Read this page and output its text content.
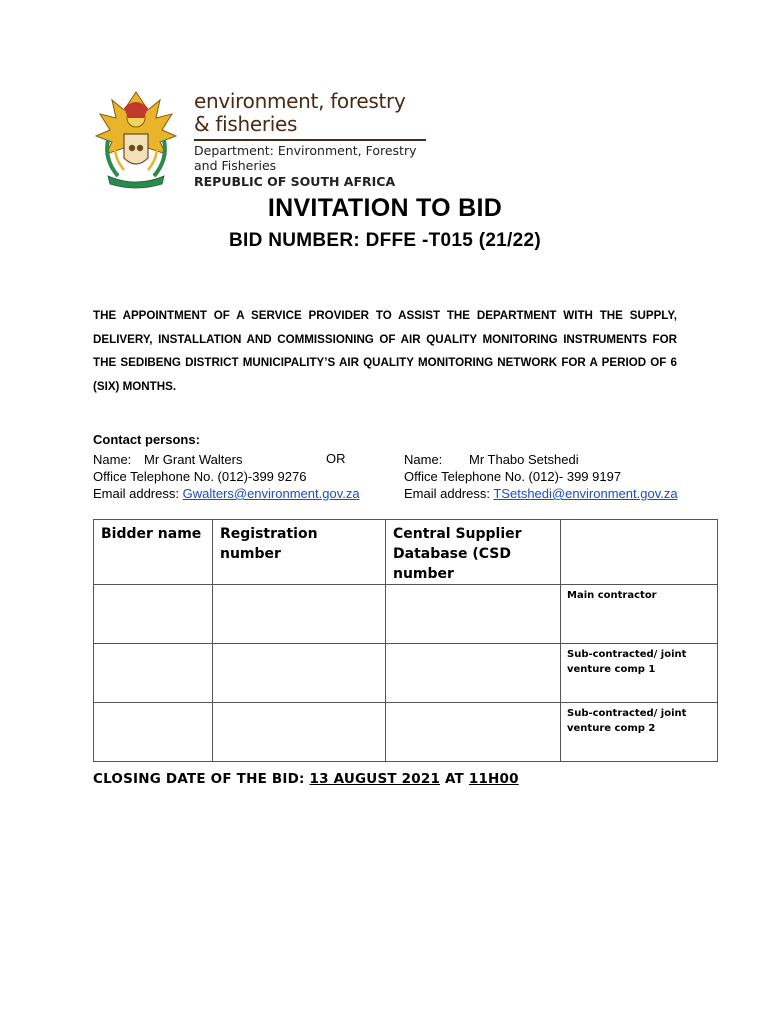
environment, forestry
& fisheries
Department: Environment, Forestry
and Fisheries
REPUBLIC OF SOUTH AFRICA
INVITATION TO BID
BID NUMBER: DFFE -T015 (21/22)
THE APPOINTMENT OF A SERVICE PROVIDER TO ASSIST THE DEPARTMENT WITH THE SUPPLY, DELIVERY, INSTALLATION AND COMMISSIONING OF AIR QUALITY MONITORING INSTRUMENTS FOR THE SEDIBENG DISTRICT MUNICIPALITY’S AIR QUALITY MONITORING NETWORK FOR A PERIOD OF 6 (SIX) MONTHS.
Contact persons:
Name: Mr Grant Walters
Office Telephone No. (012)-399 9276
Email address: Gwalters@environment.gov.za
OR	Name: Mr Thabo Setshedi
Office Telephone No. (012)- 399 9197
Email address: TSetshedi@environment.gov.za
Bidder name	Registration number	Central Supplier Database (CSD number	
			Main contractor
			Sub-contracted/ joint venture comp 1
			Sub-contracted/ joint venture comp 2
CLOSING DATE OF THE BID: 13 AUGUST 2021 AT 11H00
